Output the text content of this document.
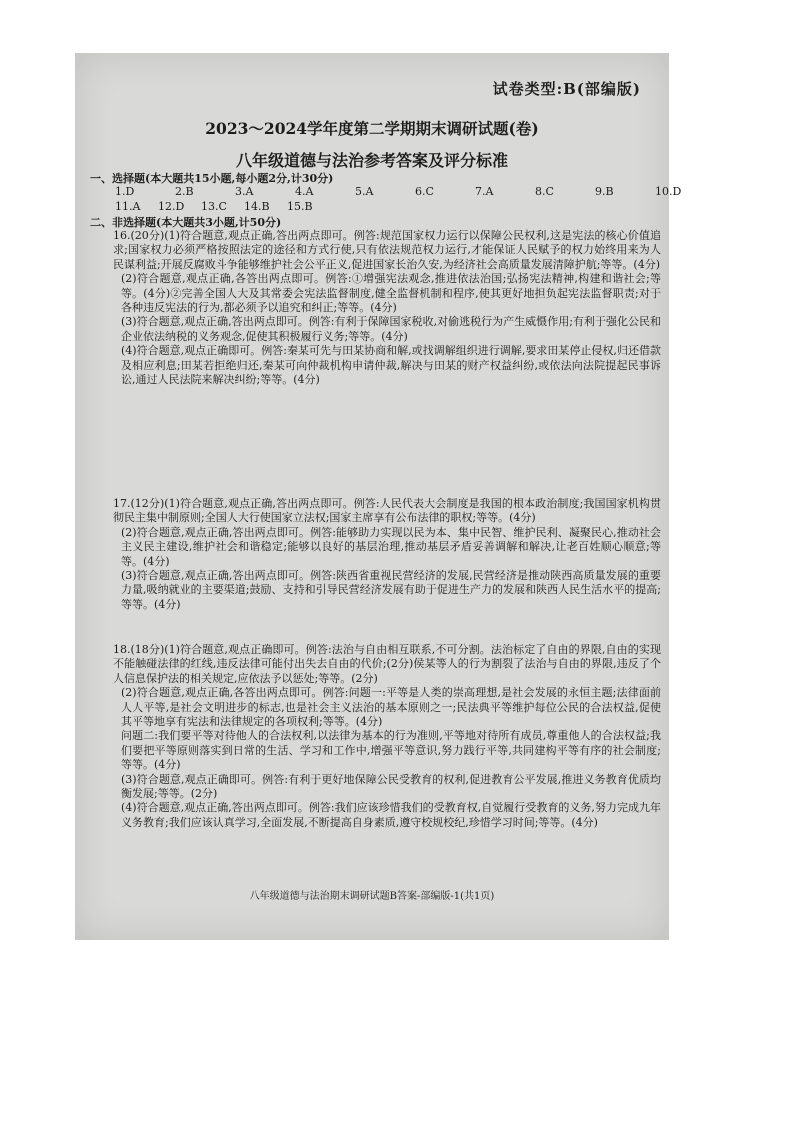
试卷类型:B(部编版)
2023～2024学年度第二学期期末调研试题(卷)
八年级道德与法治参考答案及评分标准
一、选择题(本大题共15小题,每小题2分,计30分)
1.D	2.B	3.A	4.A	5.A	6.C	7.A	8.C	9.B	10.D
11.A 12.D 13.C 14.B 15.B
二、非选择题(本大题共3小题,计50分)

16.(20分)(1)符合题意,观点正确,答出两点即可。例答:规范国家权力运行以保障公民权利,这是宪法的核心价值追求;国家权力必须严格按照法定的途径和方式行使,只有依法规范权力运行,才能保证人民赋予的权力始终用来为人民谋利益;开展反腐败斗争能够维护社会公平正义,促进国家长治久安,为经济社会高质量发展清障护航;等等。(4分)

(2)符合题意,观点正确,各答出两点即可。例答:①增强宪法观念,推进依法治国;弘扬宪法精神,构建和谐社会;等等。(4分)②完善全国人大及其常委会宪法监督制度,健全监督机制和程序,使其更好地担负起宪法监督职责;对于各种违反宪法的行为,都必须予以追究和纠正;等等。(4分)

(3)符合题意,观点正确,答出两点即可。例答:有利于保障国家税收,对偷逃税行为产生威慑作用;有利于强化公民和企业依法纳税的义务观念,促使其积极履行义务;等等。(4分)

(4)符合题意,观点正确即可。例答:秦某可先与田某协商和解,或找调解组织进行调解,要求田某停止侵权,归还借款及相应利息;田某若拒绝归还,秦某可向仲裁机构申请仲裁,解决与田某的财产权益纠纷,或依法向法院提起民事诉讼,通过人民法院来解决纠纷;等等。(4分)

17.(12分)(1)符合题意,观点正确,答出两点即可。例答:人民代表大会制度是我国的根本政治制度;我国国家机构贯彻民主集中制原则;全国人大行使国家立法权;国家主席享有公布法律的职权;等等。(4分)

(2)符合题意,观点正确,答出两点即可。例答:能够助力实现以民为本、集中民智、维护民利、凝聚民心,推动社会主义民主建设,维护社会和谐稳定;能够以良好的基层治理,推动基层矛盾妥善调解和解决,让老百姓顺心顺意;等等。(4分)

(3)符合题意,观点正确,答出两点即可。例答:陕西省重视民营经济的发展,民营经济是推动陕西高质量发展的重要力量,吸纳就业的主要渠道;鼓励、支持和引导民营经济发展有助于促进生产力的发展和陕西人民生活水平的提高;等等。(4分)

18.(18分)(1)符合题意,观点正确即可。例答:法治与自由相互联系,不可分割。法治标定了自由的界限,自由的实现不能触碰法律的红线,违反法律可能付出失去自由的代价;(2分)侯某等人的行为割裂了法治与自由的界限,违反了个人信息保护法的相关规定,应依法予以惩处;等等。(2分)

(2)符合题意,观点正确,各答出两点即可。例答:问题一:平等是人类的崇高理想,是社会发展的永恒主题;法律面前人人平等,是社会文明进步的标志,也是社会主义法治的基本原则之一;民法典平等维护每位公民的合法权益,促使其平等地享有宪法和法律规定的各项权利;等等。(4分)

问题二:我们要平等对待他人的合法权利,以法律为基本的行为准则,平等地对待所有成员,尊重他人的合法权益;我们要把平等原则落实到日常的生活、学习和工作中,增强平等意识,努力践行平等,共同建构平等有序的社会制度;等等。(4分)

(3)符合题意,观点正确即可。例答:有利于更好地保障公民受教育的权利,促进教育公平发展,推进义务教育优质均衡发展;等等。(2分)

(4)符合题意,观点正确,答出两点即可。例答:我们应该珍惜我们的受教育权,自觉履行受教育的义务,努力完成九年义务教育;我们应该认真学习,全面发展,不断提高自身素质,遵守校规校纪,珍惜学习时间;等等。(4分)

八年级道德与法治期末调研试题B答案-部编版-1(共1页)
